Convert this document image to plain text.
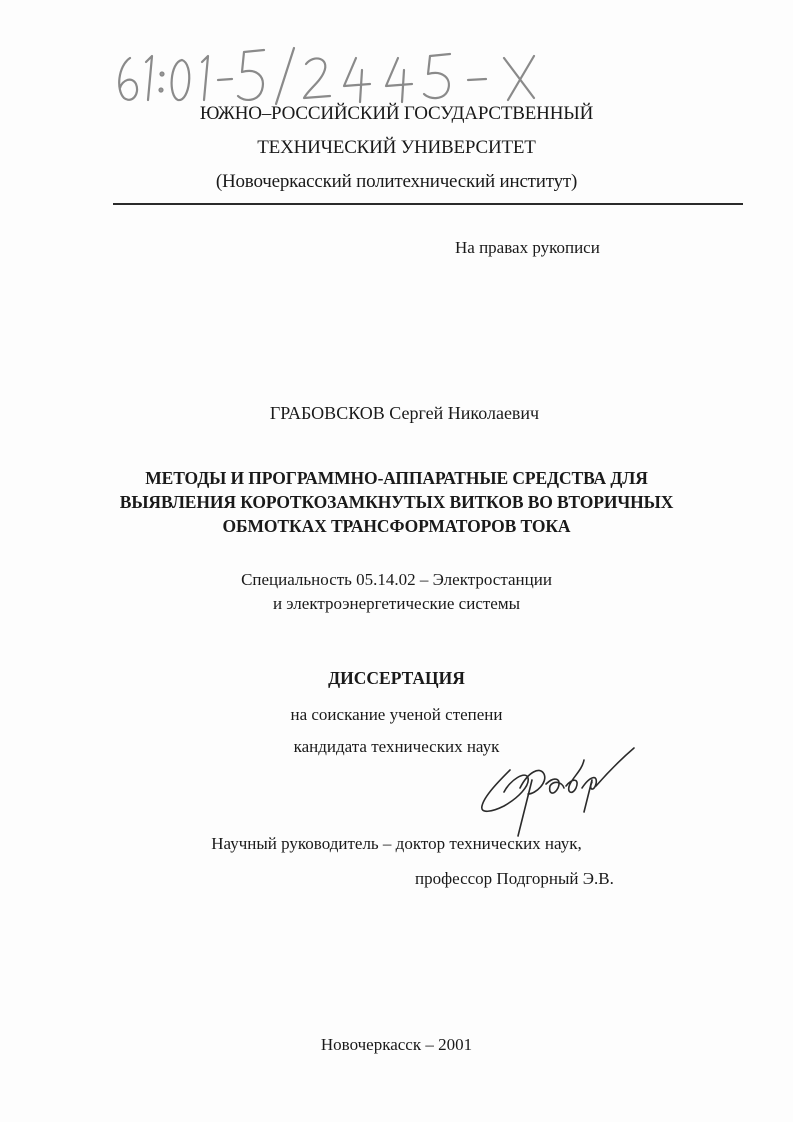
ЮЖНО–РОССИЙСКИЙ ГОСУДАРСТВЕННЫЙ
ТЕХНИЧЕСКИЙ УНИВЕРСИТЕТ
(Новочеркасский политехнический институт)
На правах рукописи
ГРАБОВСКОВ Сергей Николаевич
МЕТОДЫ И ПРОГРАММНО-АППАРАТНЫЕ СРЕДСТВА ДЛЯ
ВЫЯВЛЕНИЯ КОРОТКОЗАМКНУТЫХ ВИТКОВ ВО ВТОРИЧНЫХ
ОБМОТКАХ ТРАНСФОРМАТОРОВ ТОКА
Специальность 05.14.02 – Электростанции
и электроэнергетические системы
ДИССЕРТАЦИЯ
на соискание ученой степени
кандидата технических наук
Научный руководитель – доктор технических наук,
профессор Подгорный Э.В.
Новочеркасск – 2001
